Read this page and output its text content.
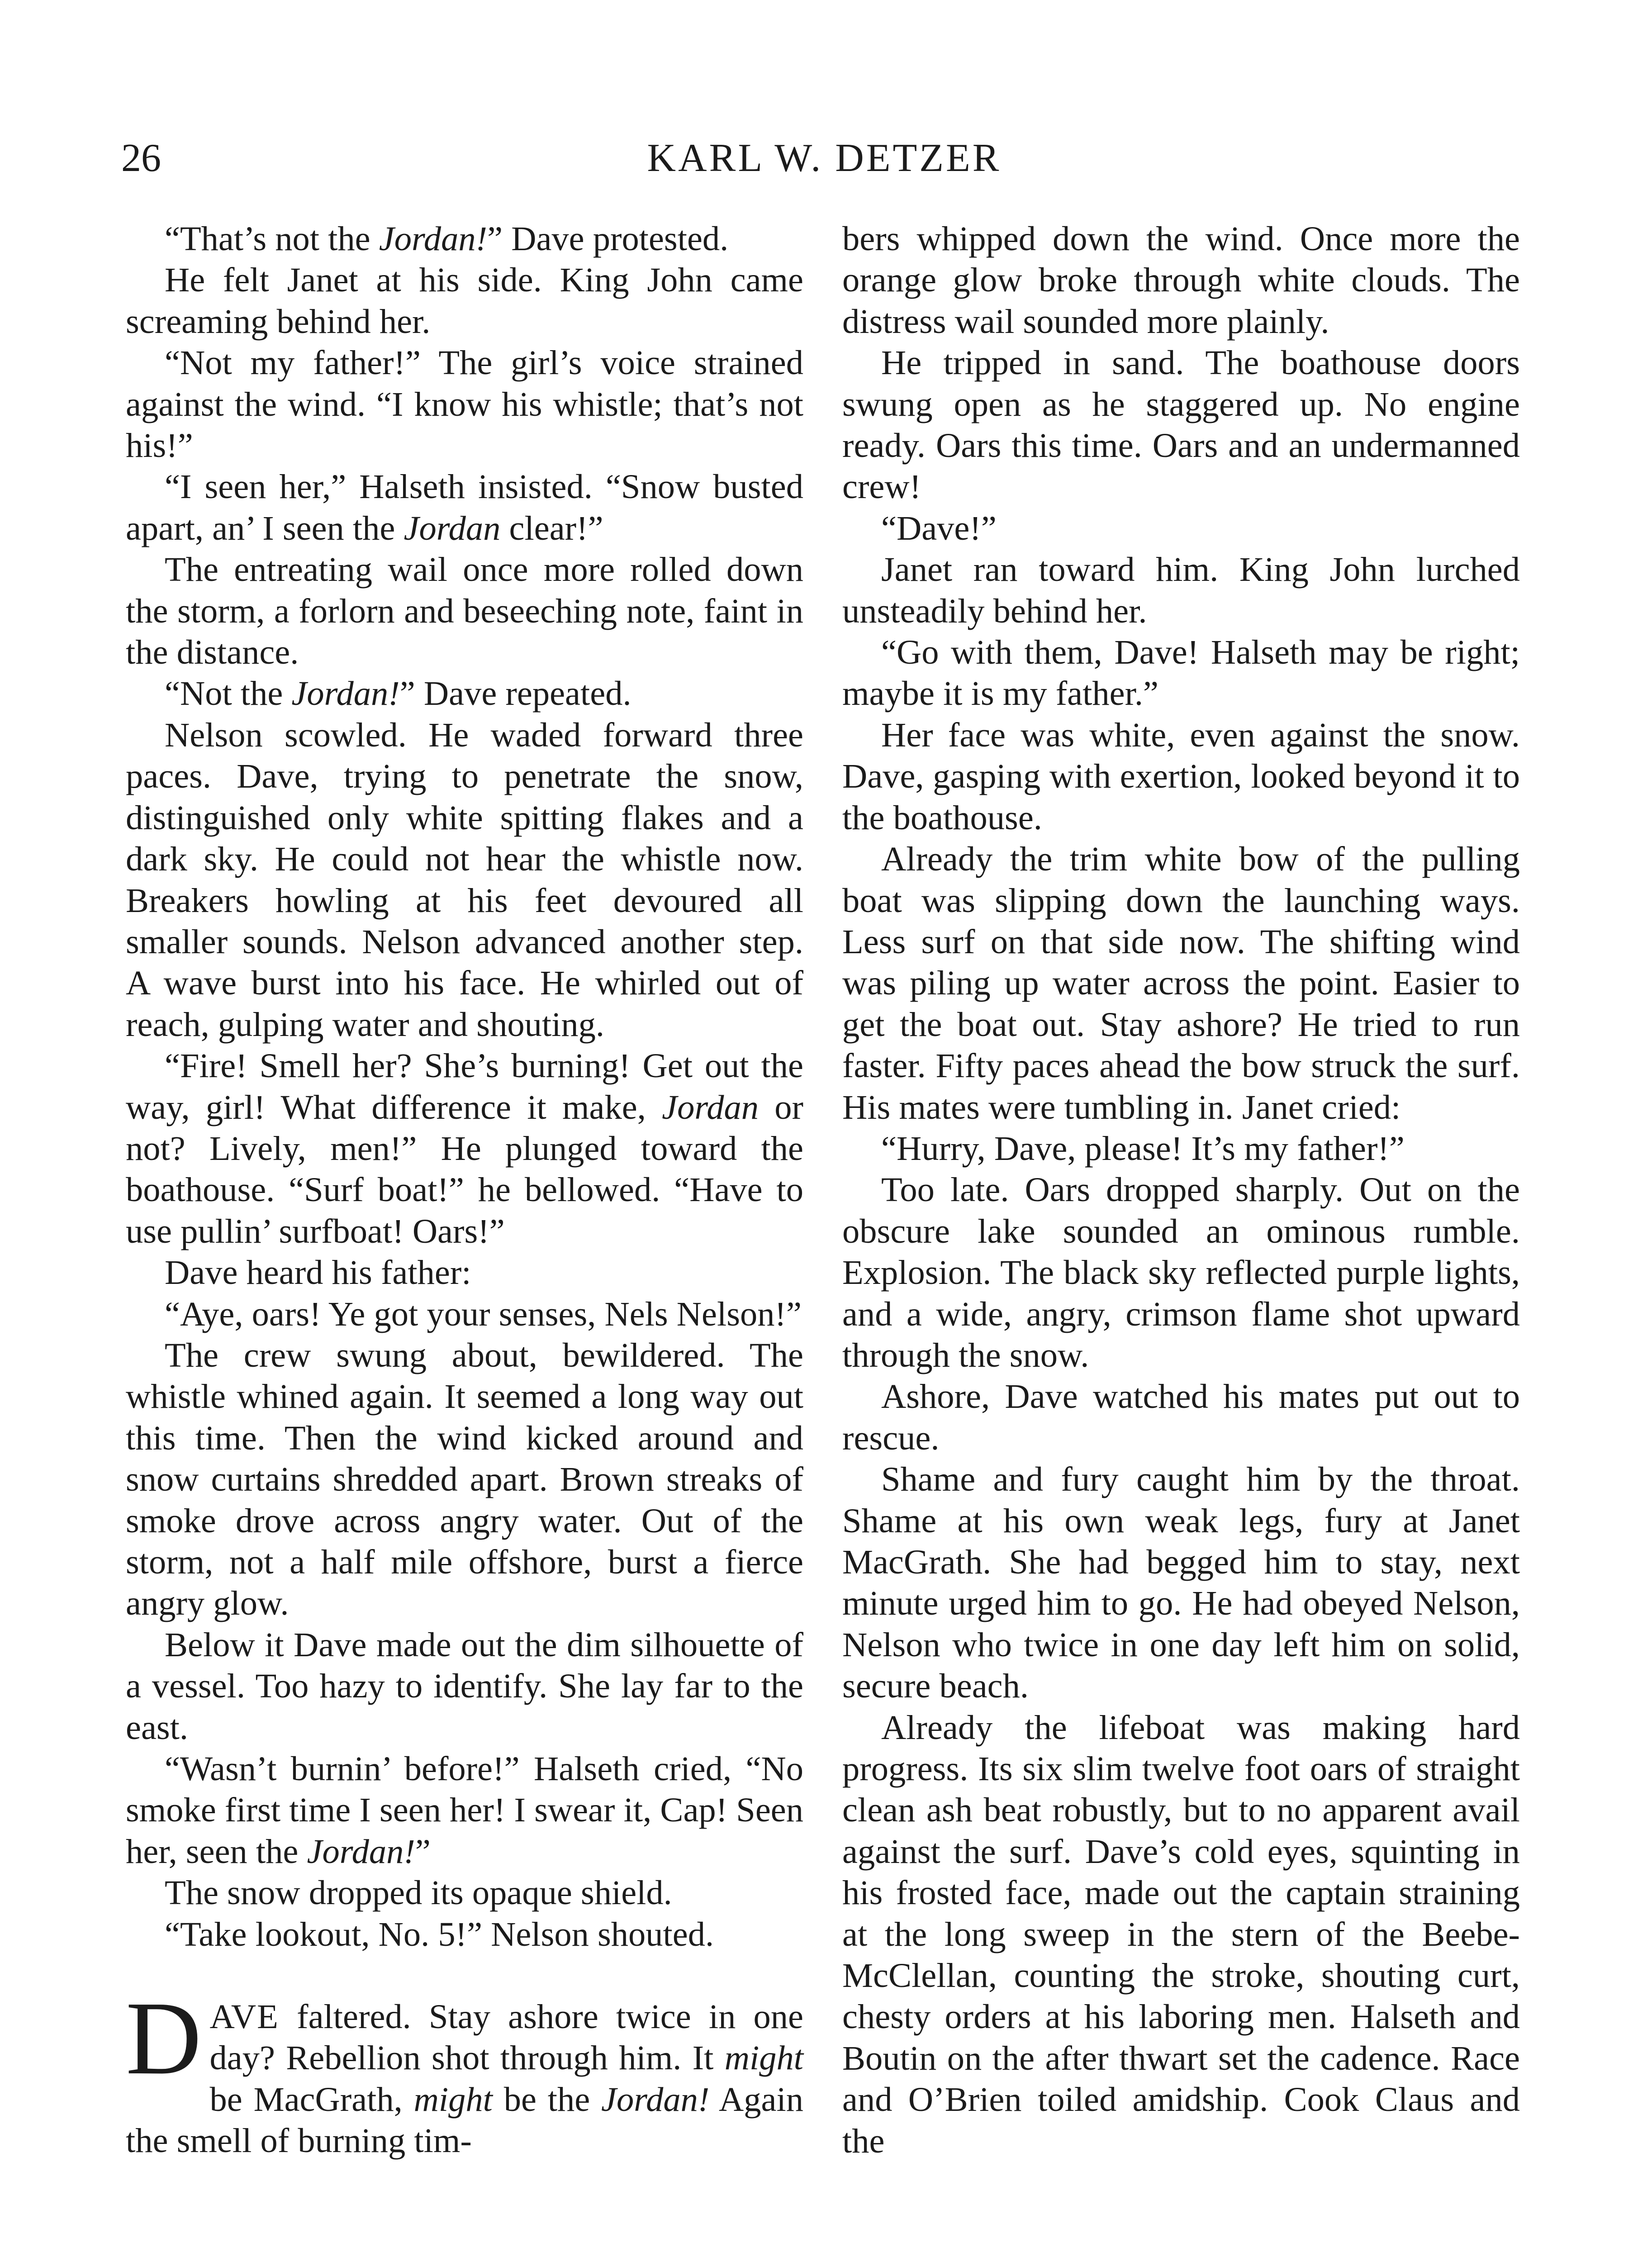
26	KARL W. DETZER

“That’s not the Jordan!” Dave protested.

He felt Janet at his side. King John came screaming behind her.

“Not my father!” The girl’s voice strained against the wind. “I know his whistle; that’s not his!”

“I seen her,” Halseth insisted. “Snow busted apart, an’ I seen the Jordan clear!”

The entreating wail once more rolled down the storm, a forlorn and beseeching note, faint in the distance.

“Not the Jordan!” Dave repeated.

Nelson scowled. He waded forward three paces. Dave, trying to penetrate the snow, distinguished only white spitting flakes and a dark sky. He could not hear the whistle now. Breakers howling at his feet devoured all smaller sounds. Nelson advanced another step. A wave burst into his face. He whirled out of reach, gulping water and shouting.

“Fire! Smell her? She’s burning! Get out the way, girl! What difference it make, Jordan or not? Lively, men!” He plunged toward the boathouse. “Surf boat!” he bellowed. “Have to use pullin’ surfboat! Oars!”

Dave heard his father:

“Aye, oars! Ye got your senses, Nels Nelson!”

The crew swung about, bewildered. The whistle whined again. It seemed a long way out this time. Then the wind kicked around and snow curtains shredded apart. Brown streaks of smoke drove across angry water. Out of the storm, not a half mile offshore, burst a fierce angry glow.

Below it Dave made out the dim silhouette of a vessel. Too hazy to identify. She lay far to the east.

“Wasn’t burnin’ before!” Halseth cried, “No smoke first time I seen her! I swear it, Cap! Seen her, seen the Jordan!”

The snow dropped its opaque shield.

“Take lookout, No. 5!” Nelson shouted.

DAVE faltered. Stay ashore twice in one day? Rebellion shot through him. It might be MacGrath, might be the Jordan! Again the smell of burning tim-

bers whipped down the wind. Once more the orange glow broke through white clouds. The distress wail sounded more plainly.

He tripped in sand. The boathouse doors swung open as he staggered up. No engine ready. Oars this time. Oars and an undermanned crew!

“Dave!”

Janet ran toward him. King John lurched unsteadily behind her.

“Go with them, Dave! Halseth may be right; maybe it is my father.”

Her face was white, even against the snow. Dave, gasping with exertion, looked beyond it to the boathouse.

Already the trim white bow of the pulling boat was slipping down the launching ways. Less surf on that side now. The shifting wind was piling up water across the point. Easier to get the boat out. Stay ashore? He tried to run faster. Fifty paces ahead the bow struck the surf. His mates were tumbling in. Janet cried:

“Hurry, Dave, please! It’s my father!”

Too late. Oars dropped sharply. Out on the obscure lake sounded an ominous rumble. Explosion. The black sky reflected purple lights, and a wide, angry, crimson flame shot upward through the snow.

Ashore, Dave watched his mates put out to rescue.

Shame and fury caught him by the throat. Shame at his own weak legs, fury at Janet MacGrath. She had begged him to stay, next minute urged him to go. He had obeyed Nelson, Nelson who twice in one day left him on solid, secure beach.

Already the lifeboat was making hard progress. Its six slim twelve foot oars of straight clean ash beat robustly, but to no apparent avail against the surf. Dave’s cold eyes, squinting in his frosted face, made out the captain straining at the long sweep in the stern of the Beebe-McClellan, counting the stroke, shouting curt, chesty orders at his laboring men. Halseth and Boutin on the after thwart set the cadence. Race and O’Brien toiled amidship. Cook Claus and the
